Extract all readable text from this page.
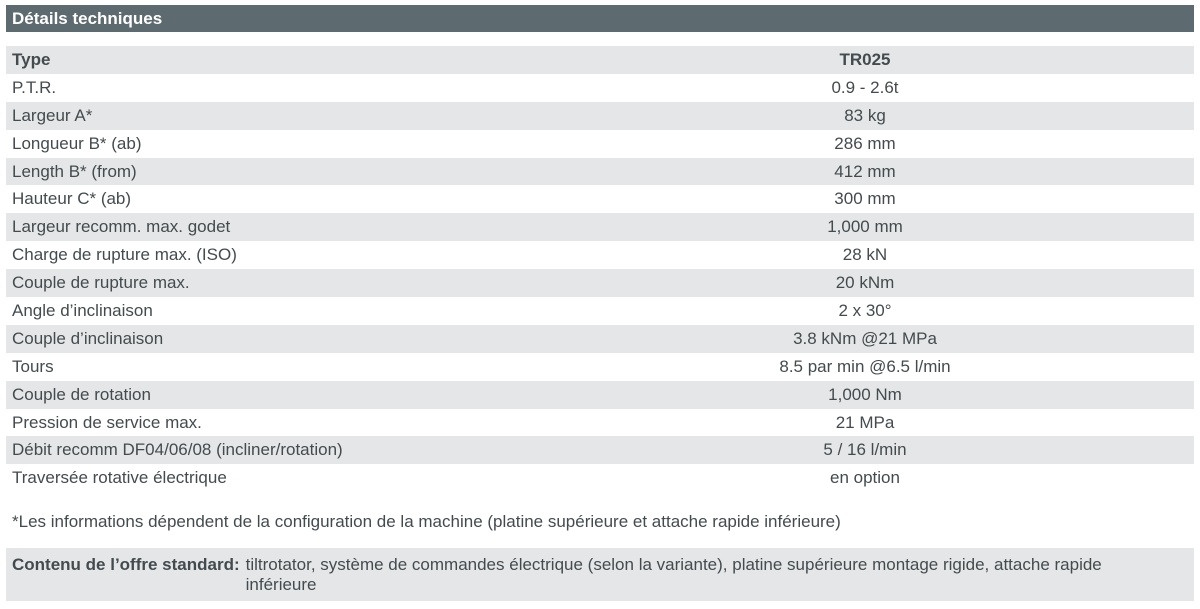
Détails techniques
Type	TR025
P.T.R.	0.9 - 2.6t
Largeur A*	83 kg
Longueur B* (ab)	286 mm
Length B* (from)	412 mm
Hauteur C* (ab)	300 mm
Largeur recomm. max. godet	1,000 mm
Charge de rupture max. (ISO)	28 kN
Couple de rupture max.	20 kNm
Angle d’inclinaison	2 x 30°
Couple d’inclinaison	3.8 kNm @21 MPa
Tours	8.5 par min @6.5 l/min
Couple de rotation	1,000 Nm
Pression de service max.	21 MPa
Débit recomm DF04/06/08 (incliner/rotation)	5 / 16 l/min
Traversée rotative électrique	en option
*Les informations dépendent de la configuration de la machine (platine supérieure et attache rapide inférieure)
Contenu de l’offre standard: tiltrotator, système de commandes électrique (selon la variante), platine supérieure montage rigide, attache rapide inférieure
